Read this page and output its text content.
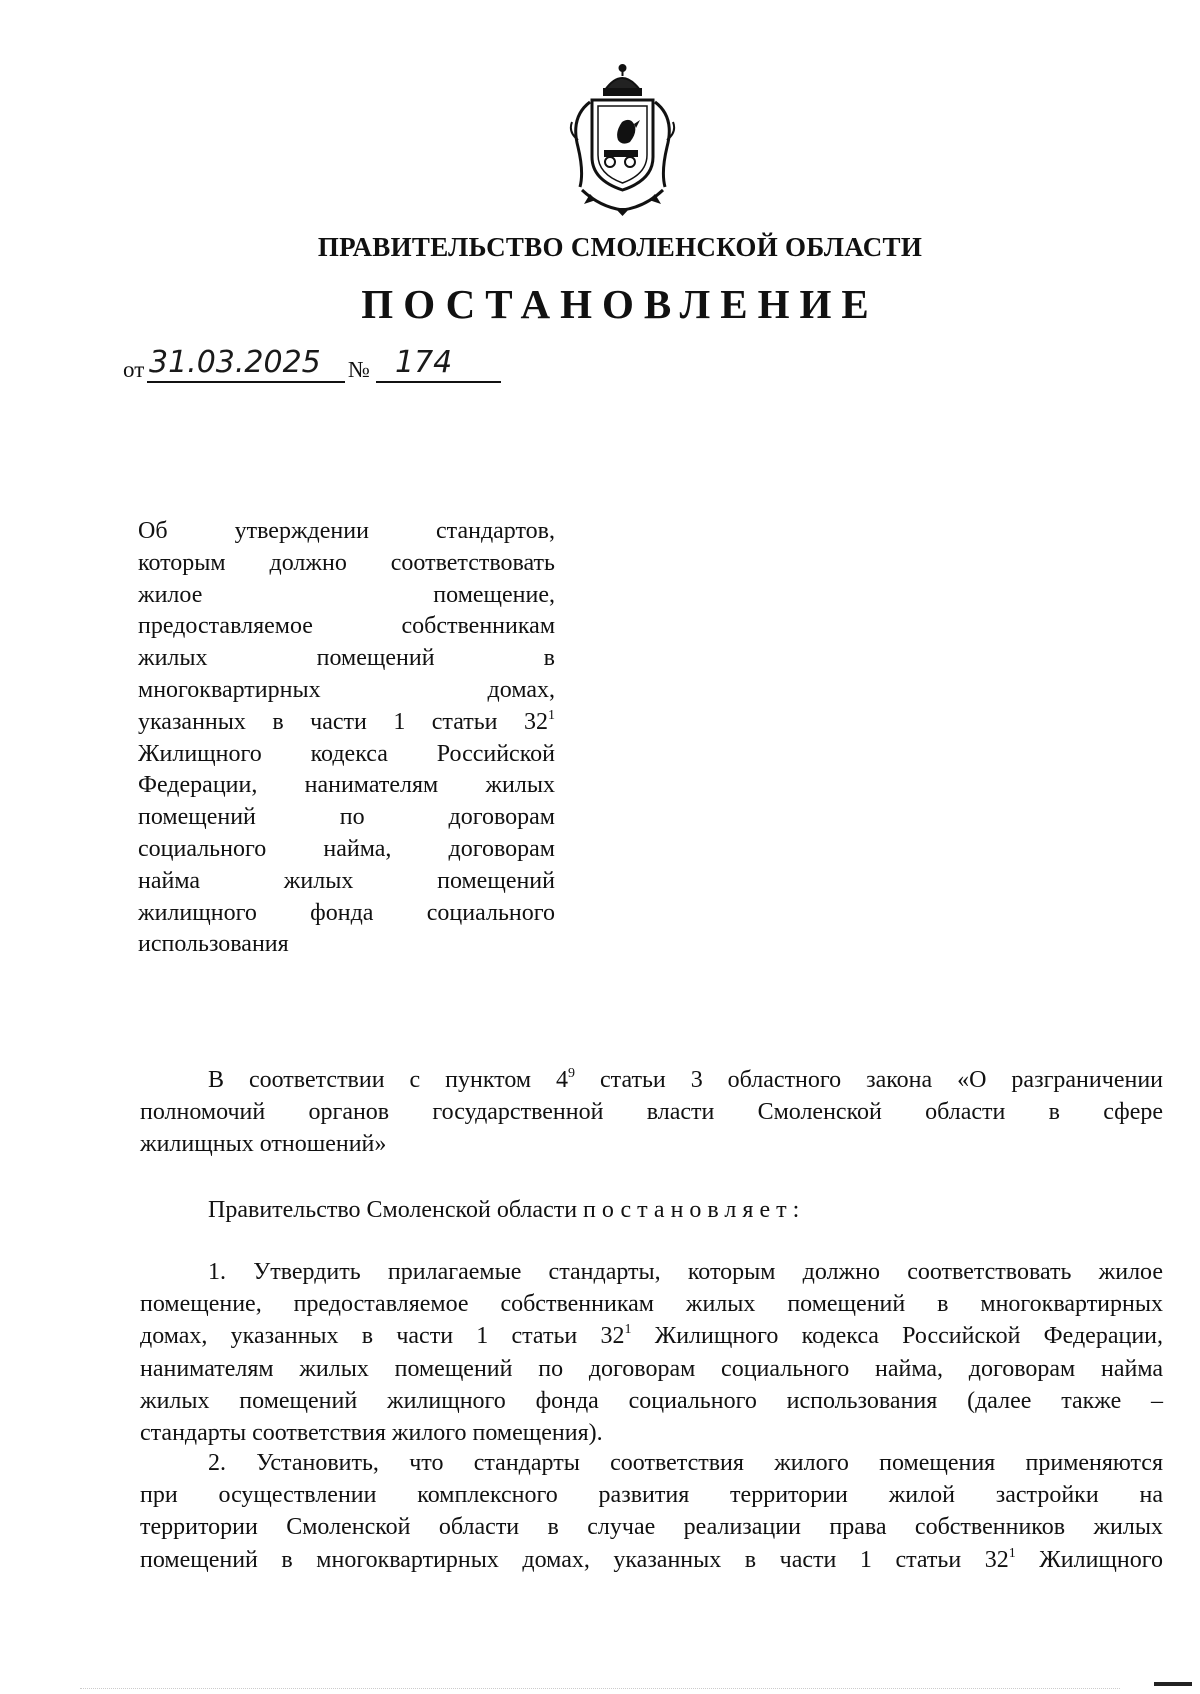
ПРАВИТЕЛЬСТВО СМОЛЕНСКОЙ ОБЛАСТИ
ПОСТАНОВЛЕНИЕ
от 31.03.2025 № 174
Об утверждении стандартов,
которым должно соответствовать
жилое помещение,
предоставляемое собственникам
жилых помещений в
многоквартирных домах,
указанных в части 1 статьи $32^1$
Жилищного кодекса Российской
Федерации, нанимателям жилых
помещений по договорам
социального найма, договорам
найма жилых помещений
жилищного фонда социального
использования
В соответствии с пунктом $4^9$ статьи 3 областного закона «О разграничении
полномочий органов государственной власти Смоленской области в сфере
жилищных отношений»
Правительство Смоленской области постановляет:
1. Утвердить прилагаемые стандарты, которым должно соответствовать жилое
помещение, предоставляемое собственникам жилых помещений в многоквартирных
домах, указанных в части 1 статьи $32^1$ Жилищного кодекса Российской Федерации,
нанимателям жилых помещений по договорам социального найма, договорам найма
жилых помещений жилищного фонда социального использования (далее также –
стандарты соответствия жилого помещения).
2. Установить, что стандарты соответствия жилого помещения применяются
при осуществлении комплексного развития территории жилой застройки на
территории Смоленской области в случае реализации права собственников жилых
помещений в многоквартирных домах, указанных в части 1 статьи $32^1$ Жилищного
